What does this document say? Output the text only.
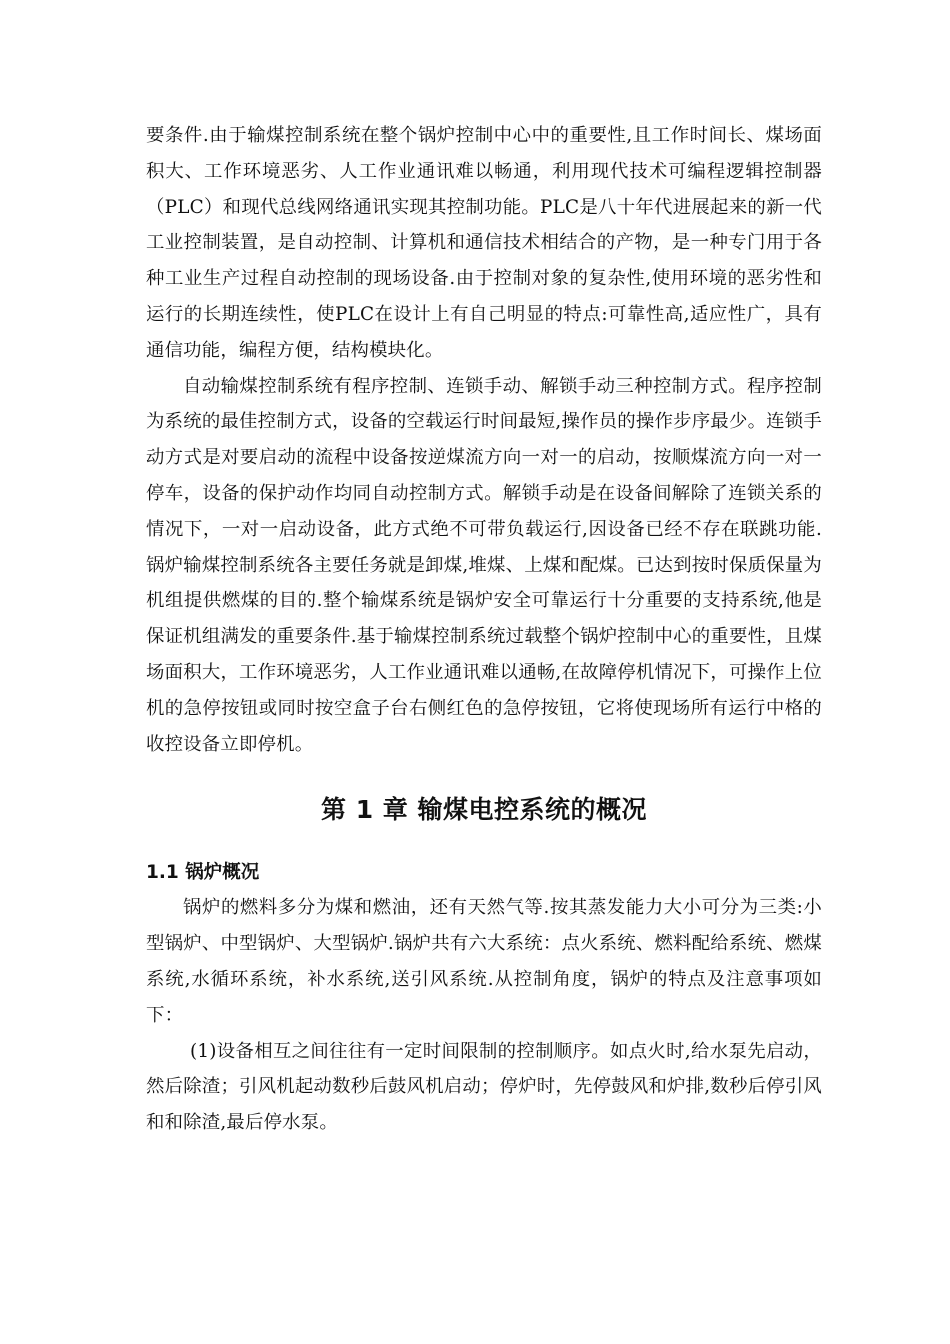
要条件.由于输煤控制系统在整个锅炉控制中心中的重要性,且工作时间长、煤场面积大、工作环境恶劣、人工作业通讯难以畅通，利用现代技术可编程逻辑控制器（PLC）和现代总线网络通讯实现其控制功能。PLC是八十年代进展起来的新一代工业控制装置，是自动控制、计算机和通信技术相结合的产物，是一种专门用于各种工业生产过程自动控制的现场设备.由于控制对象的复杂性,使用环境的恶劣性和运行的长期连续性，使PLC在设计上有自己明显的特点:可靠性高,适应性广，具有通信功能，编程方便，结构模块化。

自动输煤控制系统有程序控制、连锁手动、解锁手动三种控制方式。程序控制为系统的最佳控制方式，设备的空载运行时间最短,操作员的操作步序最少。连锁手动方式是对要启动的流程中设备按逆煤流方向一对一的启动，按顺煤流方向一对一停车，设备的保护动作均同自动控制方式。解锁手动是在设备间解除了连锁关系的情况下，一对一启动设备，此方式绝不可带负载运行,因设备已经不存在联跳功能.锅炉输煤控制系统各主要任务就是卸煤,堆煤、上煤和配煤。已达到按时保质保量为机组提供燃煤的目的.整个输煤系统是锅炉安全可靠运行十分重要的支持系统,他是保证机组满发的重要条件.基于输煤控制系统过载整个锅炉控制中心的重要性，且煤场面积大，工作环境恶劣，人工作业通讯难以通畅,在故障停机情况下，可操作上位机的急停按钮或同时按空盒子台右侧红色的急停按钮，它将使现场所有运行中格的收控设备立即停机。

第 1 章 输煤电控系统的概况
1.1 锅炉概况

锅炉的燃料多分为煤和燃油，还有天然气等.按其蒸发能力大小可分为三类:小型锅炉、中型锅炉、大型锅炉.锅炉共有六大系统：点火系统、燃料配给系统、燃煤系统,水循环系统，补水系统,送引风系统.从控制角度，锅炉的特点及注意事项如下：

(1)设备相互之间往往有一定时间限制的控制顺序。如点火时,给水泵先启动，然后除渣；引风机起动数秒后鼓风机启动；停炉时，先停鼓风和炉排,数秒后停引风和和除渣,最后停水泵。
